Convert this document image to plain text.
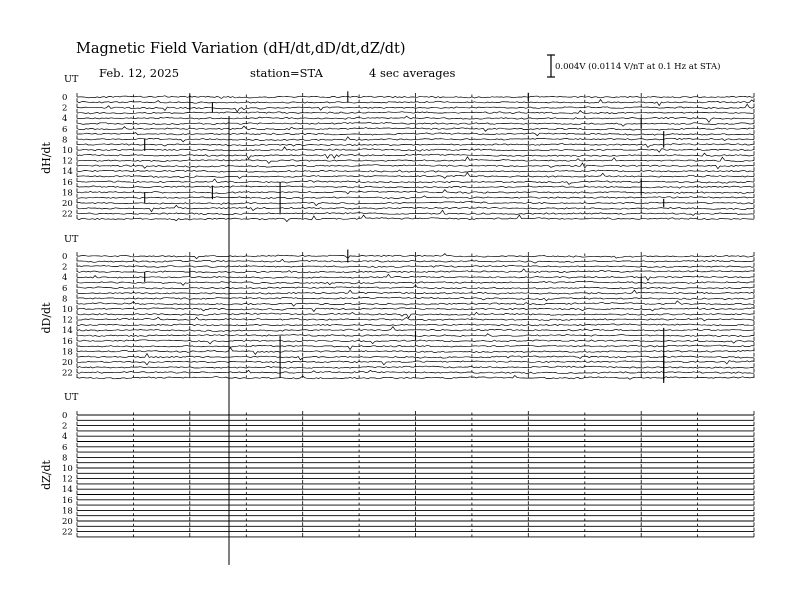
Magnetic Field Variation (dH/dt,dD/dt,dZ/dt)
Feb. 12, 2025	station=STA	4 sec averages	0.004V (0.0114 V/nT at 0.1 Hz at STA)
UT
dH/dt
0
2
4
6
8
10
12
14
16
18
20
22
UT
dD/dt
0
2
4
6
8
10
12
14
16
18
20
22
UT
dZ/dt
0
2
4
6
8
10
12
14
16
18
20
22
